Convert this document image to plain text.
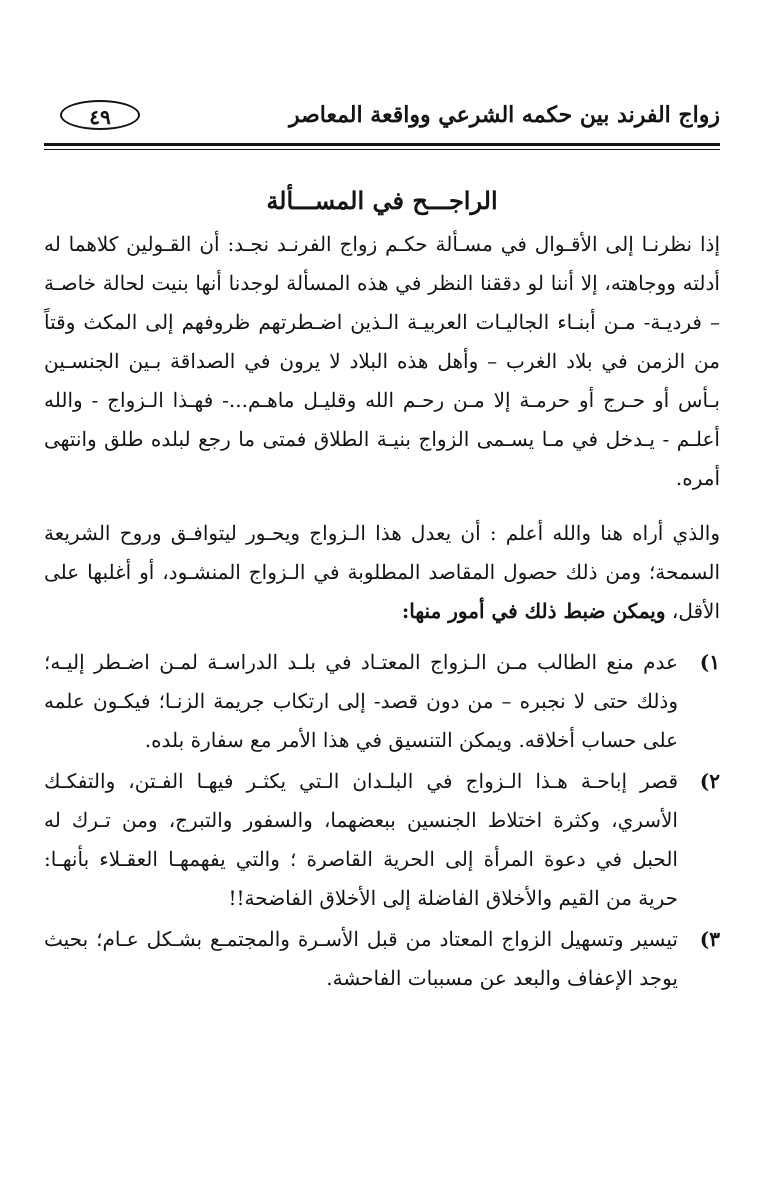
زواج الفرند بين حكمه الشرعي وواقعة المعاصر
٤٩
الراجـــح في المســـألة

إذا نظرنـا إلى الأقـوال في مسـألة حكـم زواج الفرنـد نجـد: أن القـولين كلاهما له أدلته ووجاهته، إلا أننا لو دققنا النظر في هذه المسألة لوجدنا أنها بنيت لحالة خاصـة – فرديـة- مـن أبنـاء الجاليـات العربيـة الـذين اضـطرتهم ظروفهم إلى المكث وقتاً من الزمن في بلاد الغرب – وأهل هذه البلاد لا يرون في الصداقة بـين الجنسـين بـأس أو حـرج أو حرمـة إلا مـن رحـم الله وقليـل ماهـم...- فهـذا الـزواج - والله أعلـم - يـدخل في مـا يسـمى الزواج بنيـة الطلاق فمتى ما رجع لبلده طلق وانتهى أمره.

والذي أراه هنا والله أعلم : أن يعدل هذا الـزواج ويحـور ليتوافـق وروح الشريعة السمحة؛ ومن ذلك حصول المقاصد المطلوبة في الـزواج المنشـود، أو أغلبها على الأقل، ويمكن ضبط ذلك في أمور منها:

١)
عدم منع الطالب مـن الـزواج المعتـاد في بلـد الدراسـة لمـن اضـطر إليـه؛ وذلك حتى لا نجبره – من دون قصد- إلى ارتكاب جريمة الزنـا؛ فيكـون علمه على حساب أخلاقه. ويمكن التنسيق في هذا الأمر مع سفارة بلده.
٢)
قصر إباحـة هـذا الـزواج في البلـدان الـتي يكثـر فيهـا الفـتن، والتفكـك الأسري، وكثرة اختلاط الجنسين ببعضهما، والسفور والتبرج، ومن تـرك له الحبل في دعوة المرأة إلى الحرية القاصرة ؛ والتي يفهمهـا العقـلاء بأنهـا: حرية من القيم والأخلاق الفاضلة إلى الأخلاق الفاضحة!!
٣)
تيسير وتسهيل الزواج المعتاد من قبل الأسـرة والمجتمـع بشـكل عـام؛ بحيث يوجد الإعفاف والبعد عن مسببات الفاحشة.
